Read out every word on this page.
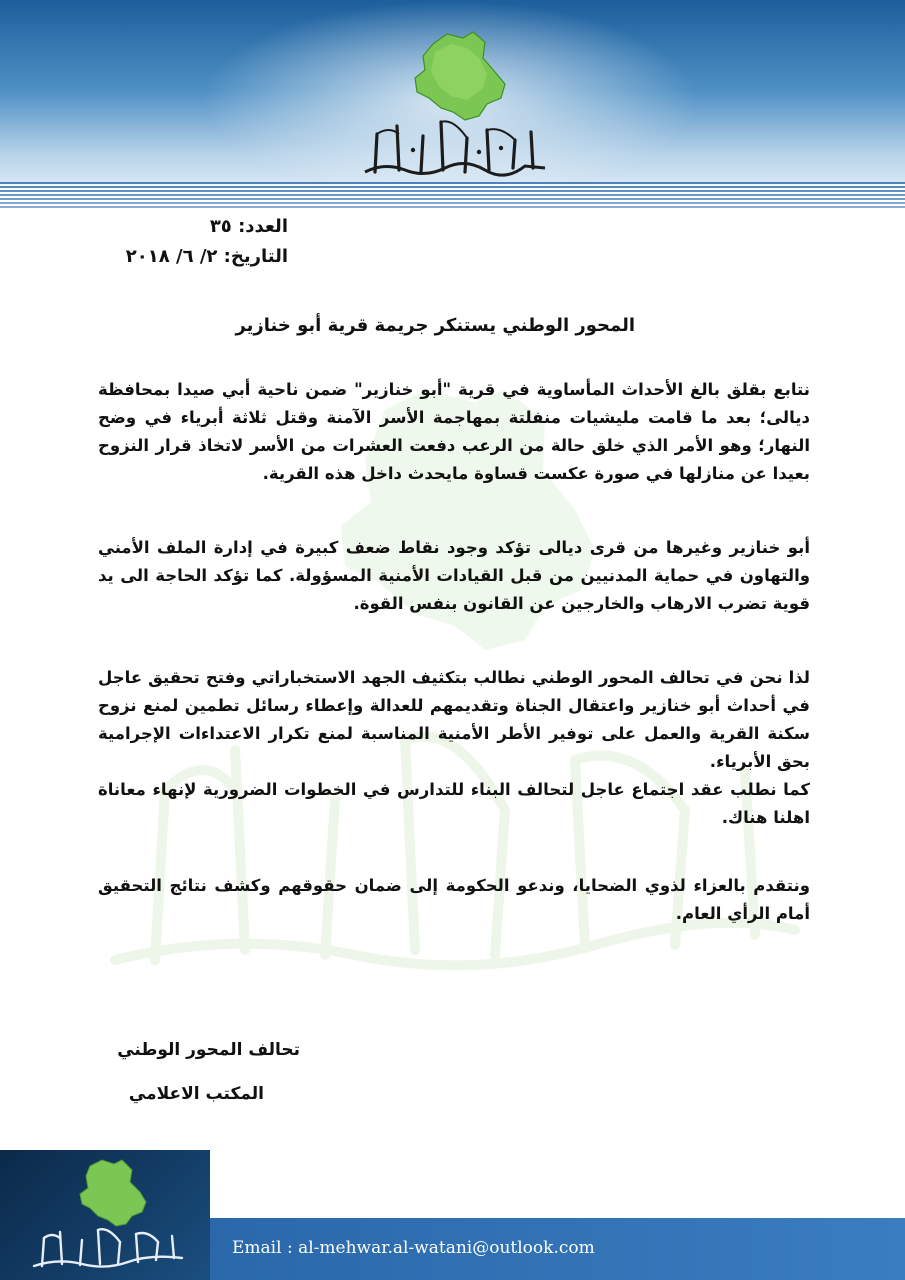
العدد: ٣٥
التاريخ: ٢/ ٦/ ٢٠١٨
المحور الوطني يستنكر جريمة قرية أبو خنازير

نتابع بقلق بالغ الأحداث المأساوية في قرية "أبو خنازير" ضمن ناحية أبي صيدا بمحافظة ديالى؛ بعد ما قامت مليشيات منفلتة بمهاجمة الأسر الآمنة وقتل ثلاثة أبرياء في وضح النهار؛ وهو الأمر الذي خلق حالة من الرعب دفعت العشرات من الأسر لاتخاذ قرار النزوح بعيدا عن منازلها في صورة عكست قساوة مايحدث داخل هذه القرية.

أبو خنازير وغيرها من قرى ديالى تؤكد وجود نقاط ضعف كبيرة في إدارة الملف الأمني والتهاون في حماية المدنيين من قبل القيادات الأمنية المسؤولة. كما تؤكد الحاجة الى يد قوية تضرب الارهاب والخارجين عن القانون بنفس القوة.

لذا نحن في تحالف المحور الوطني نطالب بتكثيف الجهد الاستخباراتي وفتح تحقيق عاجل في أحداث أبو خنازير واعتقال الجناة وتقديمهم للعدالة وإعطاء رسائل تطمين لمنع نزوح سكنة القرية والعمل على توفير الأطر الأمنية المناسبة لمنع تكرار الاعتداءات الإجرامية بحق الأبرياء.

كما نطلب عقد اجتماع عاجل لتحالف البناء للتدارس في الخطوات الضرورية لإنهاء معاناة اهلنا هناك.

ونتقدم بالعزاء لذوي الضحايا، وندعو الحكومة إلى ضمان حقوقهم وكشف نتائج التحقيق أمام الرأي العام.

تحالف المحور الوطني
المكتب الاعلامي
Email : al-mehwar.al-watani@outlook.com
